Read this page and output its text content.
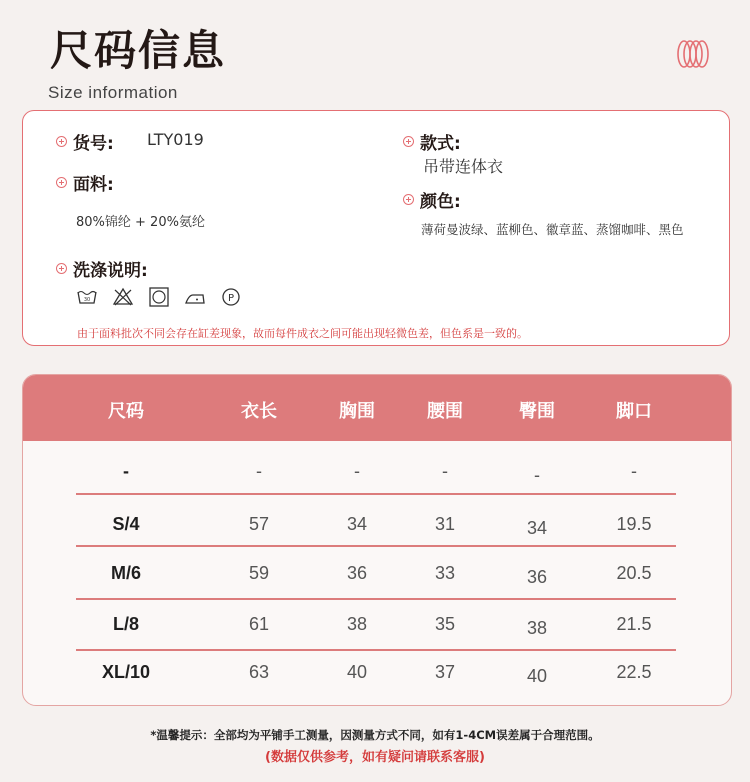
尺码信息
Size information
货号: LTY019
面料:
80%锦纶 + 20%氨纶
款式:
吊带连体衣
颜色:
薄荷曼波绿、蓝柳色、徽章蓝、蒸馏咖啡、黑色
洗涤说明:
30	P
由于面料批次不同会存在缸差现象，故而每件成衣之间可能出现轻微色差，但色系是一致的。
尺码	衣长	胸围	腰围	臀围	脚口
-	-	-	-	-	-
S/4	57	34	31	34	19.5
M/6	59	36	33	36	20.5
L/8	61	38	35	38	21.5
XL/10	63	40	37	40	22.5
*温馨提示：全部均为平铺手工测量，因测量方式不同，如有1-4CM误差属于合理范围。
(数据仅供参考，如有疑问请联系客服)
